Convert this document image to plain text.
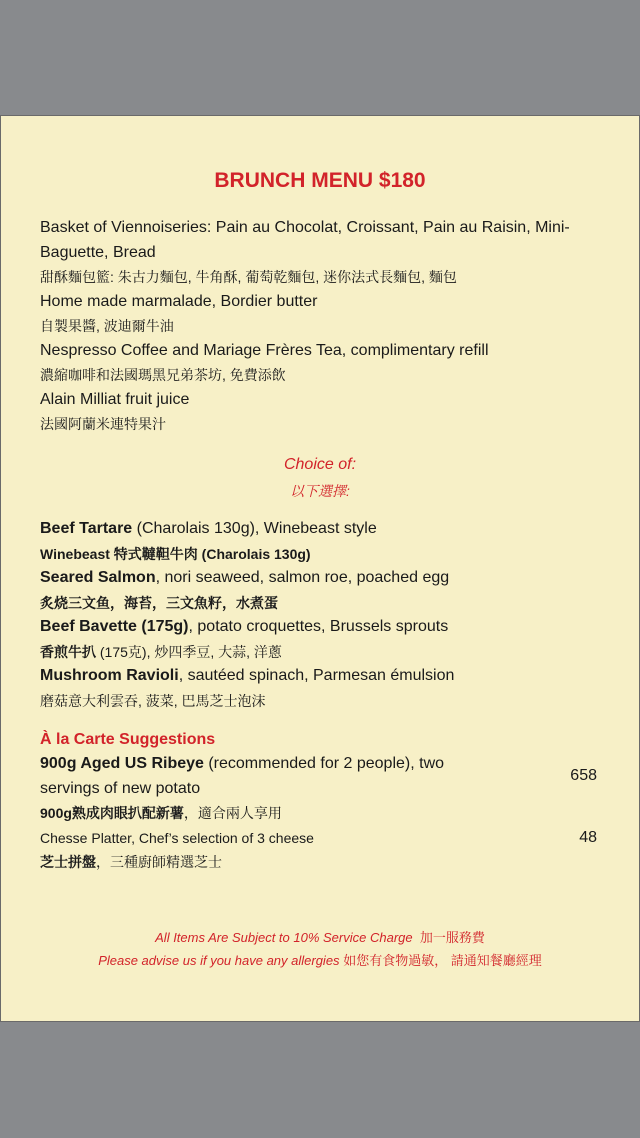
BRUNCH MENU $180
Basket of Viennoiseries: Pain au Chocolat, Croissant, Pain au Raisin, Mini-Baguette, Bread
甜酥麵包籃: 朱古力麵包, 牛角酥, 葡萄乾麵包, 迷你法式長麵包, 麵包
Home made marmalade, Bordier butter
自製果醬, 波迪爾牛油
Nespresso Coffee and Mariage Frères Tea, complimentary refill
濃縮咖啡和法國瑪黑兄弟茶坊, 免費添飲
Alain Milliat fruit juice
法國阿蘭米連特果汁
Choice of:
以下選擇:
Beef Tartare (Charolais 130g), Winebeast style
Winebeast 特式韃靼牛肉 (Charolais 130g)
Seared Salmon, nori seaweed, salmon roe, poached egg
炙烧三文鱼，海苔，三文魚籽，水煮蛋
Beef Bavette (175g), potato croquettes, Brussels sprouts
香煎牛扒 (175克), 炒四季豆, 大蒜, 洋蔥
Mushroom Ravioli, sautéed spinach, Parmesan émulsion
磨菇意大利雲吞, 菠菜, 巴馬芝士泡沫
À la Carte Suggestions
900g Aged US Ribeye (recommended for 2 people), two servings of new potato
900g熟成肉眼扒配新薯，適合兩人享用
Chesse Platter, Chef’s selection of 3 cheese
芝士拼盤，三種廚師精選芝士
658
48
All Items Are Subject to 10% Service Charge 加一服務費
Please advise us if you have any allergies 如您有食物過敏， 請通知餐廳經理
